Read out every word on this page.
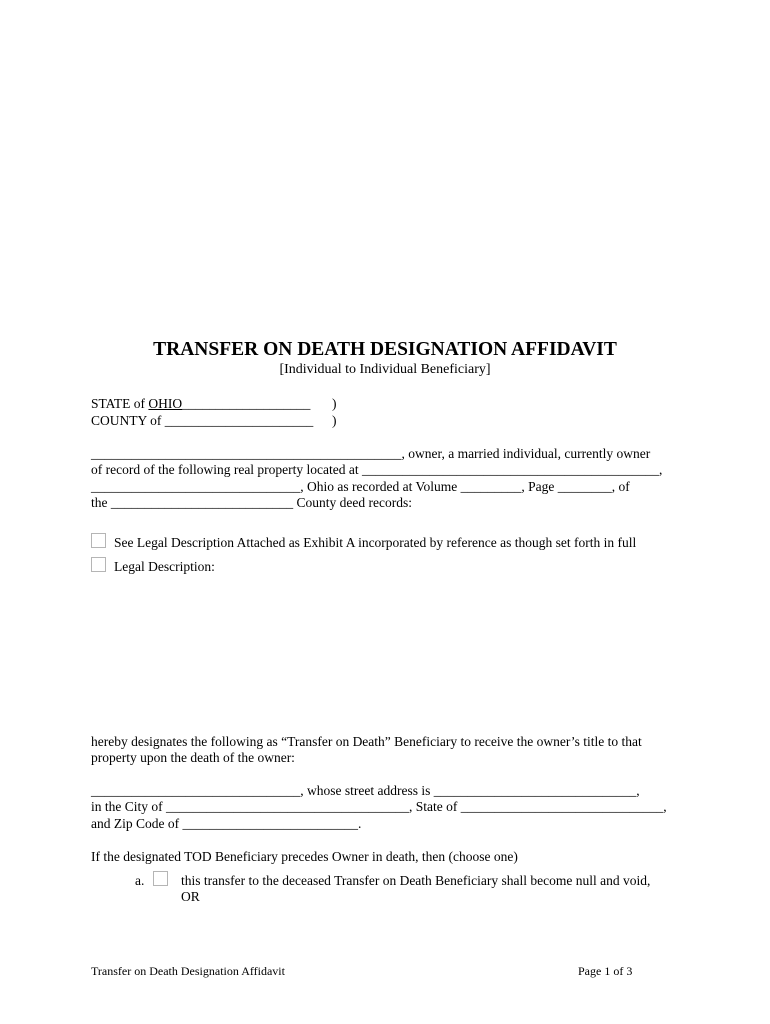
TRANSFER ON DEATH DESIGNATION AFFIDAVIT
[Individual to Individual Beneficiary]
STATE of OHIO___________________ )
COUNTY of ______________________ )
______________________________________________, owner, a married individual, currently owner
of record of the following real property located at ____________________________________________,
_______________________________, Ohio as recorded at Volume _________, Page ________, of
the ___________________________ County deed records:
See Legal Description Attached as Exhibit A incorporated by reference as though set forth in full
Legal Description:
hereby designates the following as “Transfer on Death” Beneficiary to receive the owner’s title to that
property upon the death of the owner:
_______________________________, whose street address is ______________________________,
in the City of ____________________________________, State of ______________________________,
and Zip Code of __________________________.
If the designated TOD Beneficiary precedes Owner in death, then (choose one)
a.	this transfer to the deceased Transfer on Death Beneficiary shall become null and void,
OR
Transfer on Death Designation Affidavit	Page 1 of 3
